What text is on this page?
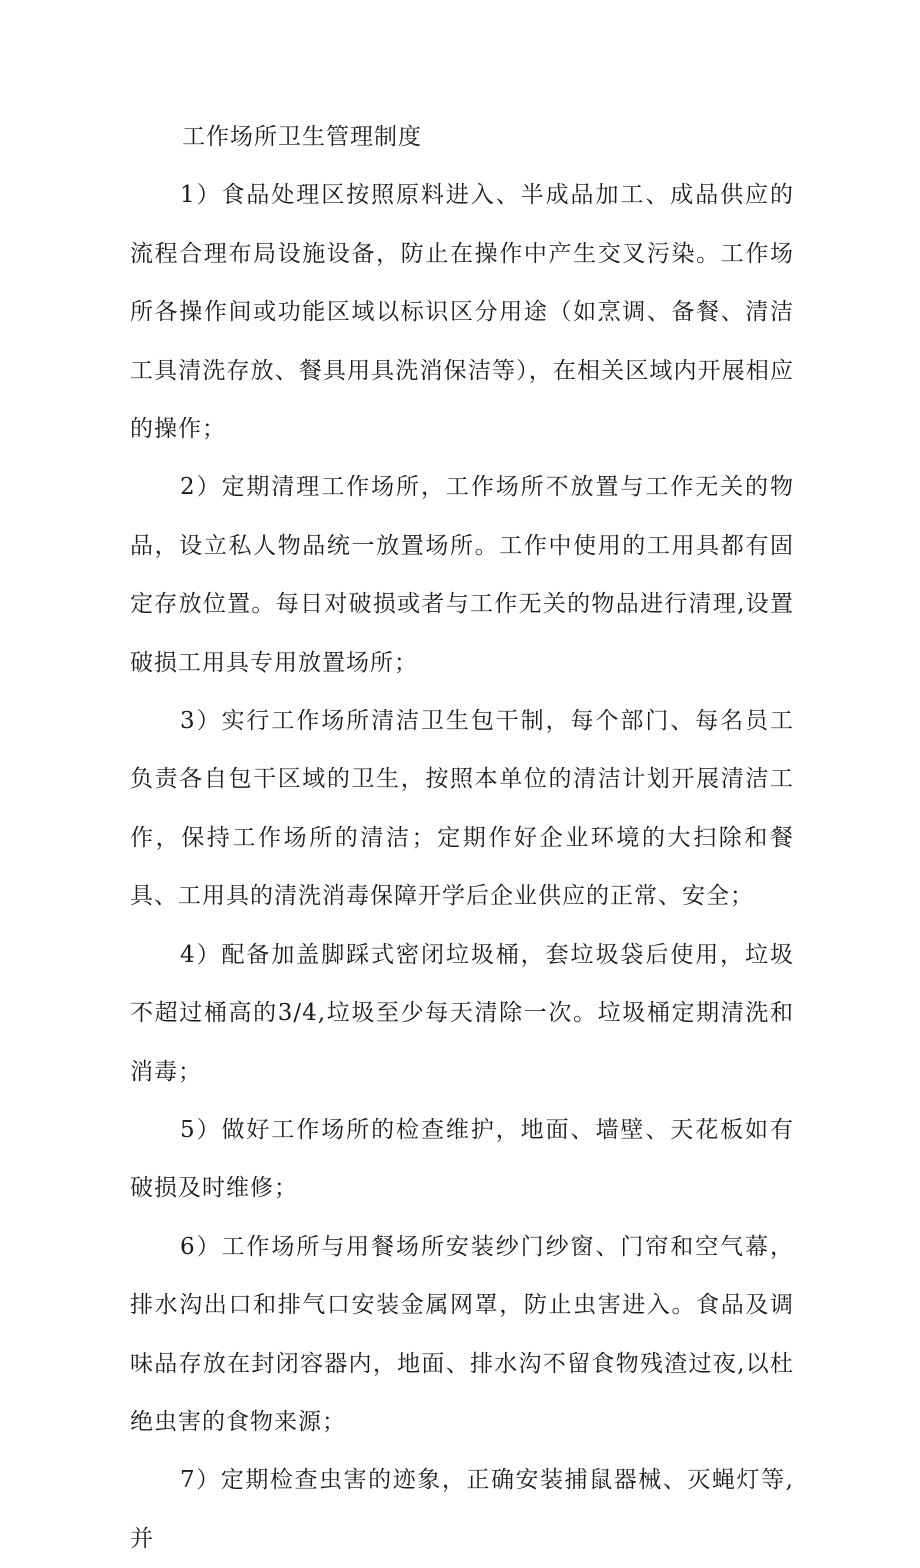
工作场所卫生管理制度

1）食品处理区按照原料进入、半成品加工、成品供应的流程合理布局设施设备，防止在操作中产生交叉污染。工作场所各操作间或功能区域以标识区分用途（如烹调、备餐、清洁工具清洗存放、餐具用具洗消保洁等），在相关区域内开展相应的操作；

2）定期清理工作场所，工作场所不放置与工作无关的物品，设立私人物品统一放置场所。工作中使用的工用具都有固定存放位置。每日对破损或者与工作无关的物品进行清理,设置破损工用具专用放置场所；

3）实行工作场所清洁卫生包干制，每个部门、每名员工负责各自包干区域的卫生，按照本单位的清洁计划开展清洁工作，保持工作场所的清洁；定期作好企业环境的大扫除和餐具、工用具的清洗消毒保障开学后企业供应的正常、安全；

4）配备加盖脚踩式密闭垃圾桶，套垃圾袋后使用，垃圾不超过桶高的3/4,垃圾至少每天清除一次。垃圾桶定期清洗和消毒；

5）做好工作场所的检查维护，地面、墙壁、天花板如有破损及时维修；

6）工作场所与用餐场所安装纱门纱窗、门帘和空气幕，排水沟出口和排气口安装金属网罩，防止虫害进入。食品及调味品存放在封闭容器内，地面、排水沟不留食物残渣过夜,以杜绝虫害的食物来源；

7）定期检查虫害的迹象，正确安装捕鼠器械、灭蝇灯等,并
